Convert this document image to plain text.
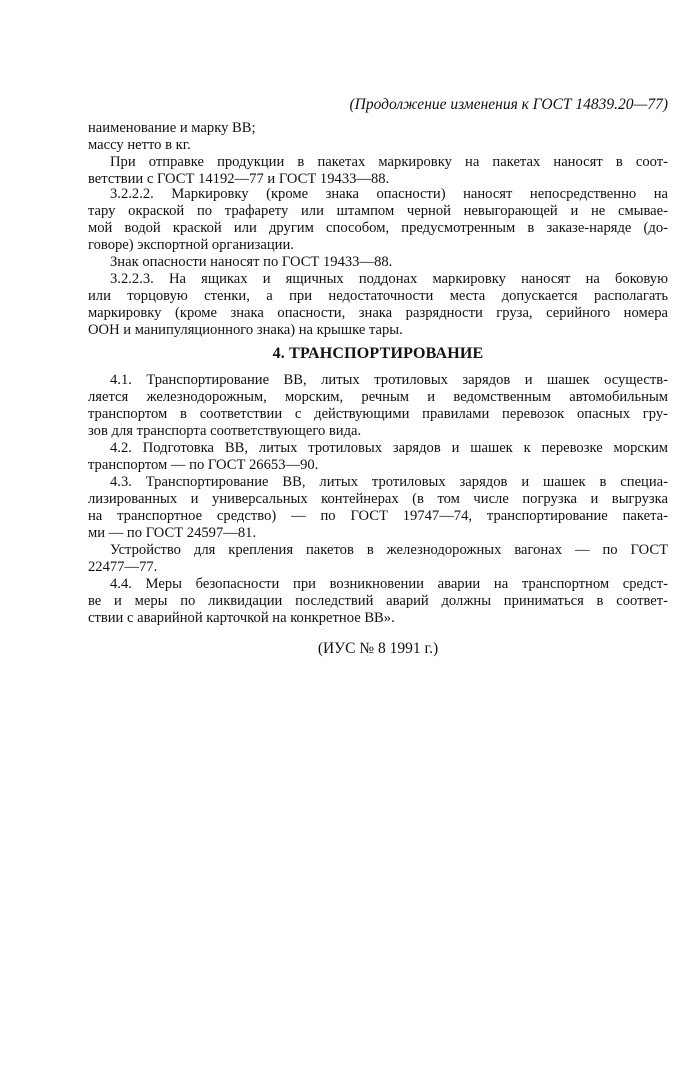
(Продолжение изменения к ГОСТ 14839.20—77)
наименование и марку ВВ;
массу нетто в кг.
При отправке продукции в пакетах маркировку на пакетах наносят в соот-
ветствии с ГОСТ 14192—77 и ГОСТ 19433—88.
3.2.2.2. Маркировку (кроме знака опасности) наносят непосредственно на
тару окраской по трафарету или штампом черной невыгорающей и не смывае-
мой водой краской или другим способом, предусмотренным в заказе-наряде (до-
говоре) экспортной организации.
Знак опасности наносят по ГОСТ 19433—88.
3.2.2.3. На ящиках и ящичных поддонах маркировку наносят на боковую
или торцовую стенки, а при недостаточности места допускается располагать
маркировку (кроме знака опасности, знака разрядности груза, серийного номера
ООН и манипуляционного знака) на крышке тары.
4. ТРАНСПОРТИРОВАНИЕ
4.1. Транспортирование ВВ, литых тротиловых зарядов и шашек осуществ-
ляется железнодорожным, морским, речным и ведомственным автомобильным
транспортом в соответствии с действующими правилами перевозок опасных гру-
зов для транспорта соответствующего вида.
4.2. Подготовка ВВ, литых тротиловых зарядов и шашек к перевозке морским
транспортом — по ГОСТ 26653—90.
4.3. Транспортирование ВВ, литых тротиловых зарядов и шашек в специа-
лизированных и универсальных контейнерах (в том числе погрузка и выгрузка
на транспортное средство) — по ГОСТ 19747—74, транспортирование пакета-
ми — по ГОСТ 24597—81.
Устройство для крепления пакетов в железнодорожных вагонах — по ГОСТ
22477—77.
4.4. Меры безопасности при возникновении аварии на транспортном средст-
ве и меры по ликвидации последствий аварий должны приниматься в соответ-
ствии с аварийной карточкой на конкретное ВВ».
(ИУС № 8 1991 г.)
